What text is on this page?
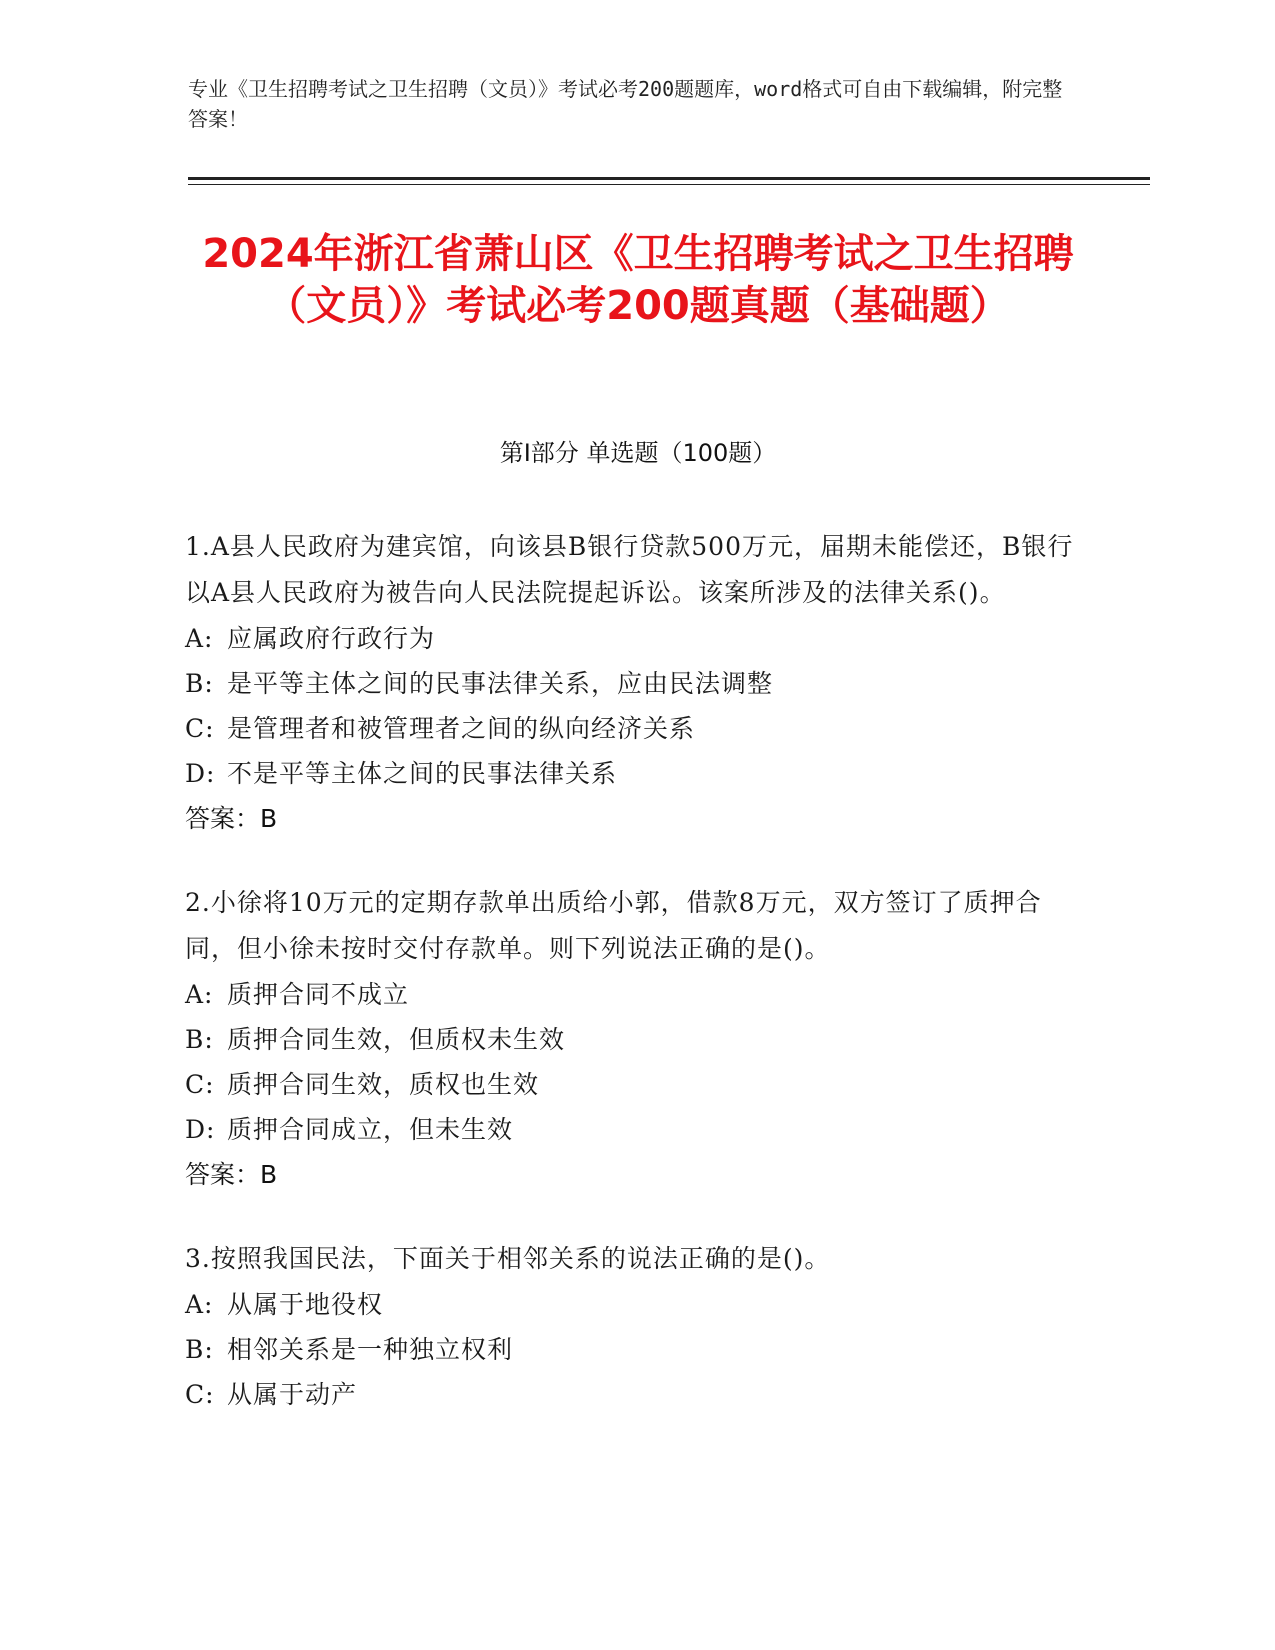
专业《卫生招聘考试之卫生招聘（文员）》考试必考200题题库，word格式可自由下载编辑，附完整答案！
2024年浙江省萧山区《卫生招聘考试之卫生招聘（文员）》考试必考200题真题（基础题）
第I部分 单选题（100题）
1.A县人民政府为建宾馆，向该县B银行贷款500万元，届期未能偿还，B银行以A县人民政府为被告向人民法院提起诉讼。该案所涉及的法律关系()。
A: 应属政府行政行为
B: 是平等主体之间的民事法律关系，应由民法调整
C: 是管理者和被管理者之间的纵向经济关系
D: 不是平等主体之间的民事法律关系
答案：B
2.小徐将10万元的定期存款单出质给小郭，借款8万元，双方签订了质押合同，但小徐未按时交付存款单。则下列说法正确的是()。
A: 质押合同不成立
B: 质押合同生效，但质权未生效
C: 质押合同生效，质权也生效
D: 质押合同成立，但未生效
答案：B
3.按照我国民法，下面关于相邻关系的说法正确的是()。
A: 从属于地役权
B: 相邻关系是一种独立权利
C: 从属于动产
